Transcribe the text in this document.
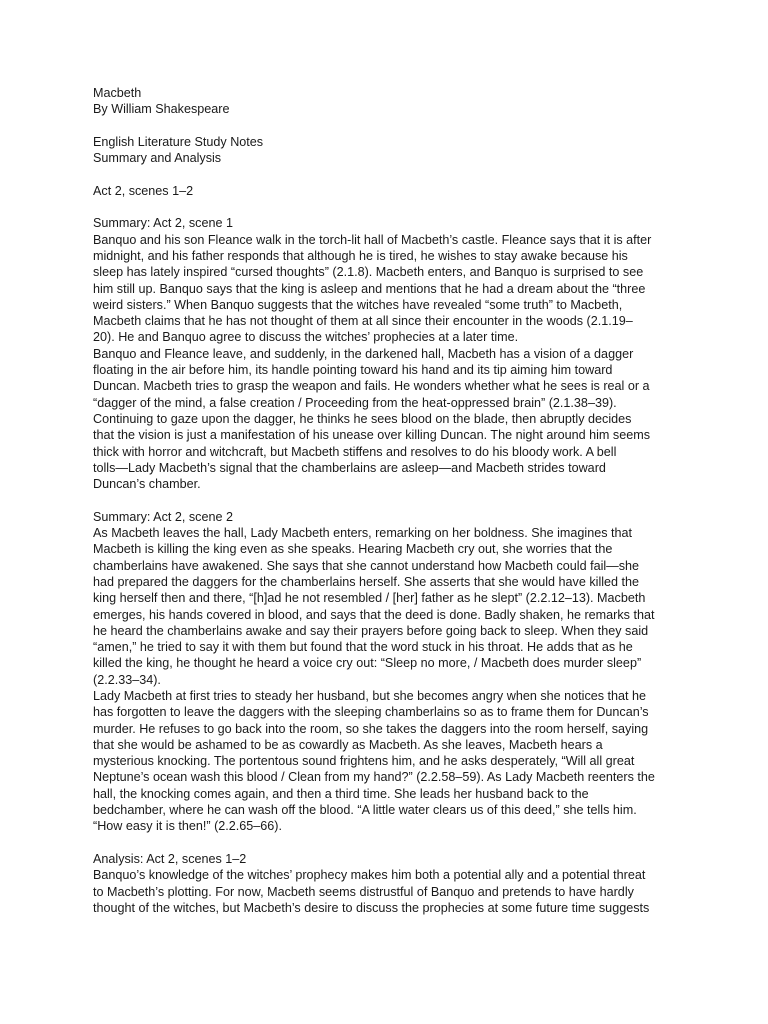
Macbeth
By William Shakespeare
English Literature Study Notes
Summary and Analysis
Act 2, scenes 1–2
Summary: Act 2, scene 1
Banquo and his son Fleance walk in the torch-lit hall of Macbeth’s castle. Fleance says that it is after
midnight, and his father responds that although he is tired, he wishes to stay awake because his
sleep has lately inspired “cursed thoughts” (2.1.8). Macbeth enters, and Banquo is surprised to see
him still up. Banquo says that the king is asleep and mentions that he had a dream about the “three
weird sisters.” When Banquo suggests that the witches have revealed “some truth” to Macbeth,
Macbeth claims that he has not thought of them at all since their encounter in the woods (2.1.19–
20). He and Banquo agree to discuss the witches’ prophecies at a later time.
Banquo and Fleance leave, and suddenly, in the darkened hall, Macbeth has a vision of a dagger
floating in the air before him, its handle pointing toward his hand and its tip aiming him toward
Duncan. Macbeth tries to grasp the weapon and fails. He wonders whether what he sees is real or a
“dagger of the mind, a false creation / Proceeding from the heat-oppressed brain” (2.1.38–39).
Continuing to gaze upon the dagger, he thinks he sees blood on the blade, then abruptly decides
that the vision is just a manifestation of his unease over killing Duncan. The night around him seems
thick with horror and witchcraft, but Macbeth stiffens and resolves to do his bloody work. A bell
tolls—Lady Macbeth’s signal that the chamberlains are asleep—and Macbeth strides toward
Duncan’s chamber.
Summary: Act 2, scene 2
As Macbeth leaves the hall, Lady Macbeth enters, remarking on her boldness. She imagines that
Macbeth is killing the king even as she speaks. Hearing Macbeth cry out, she worries that the
chamberlains have awakened. She says that she cannot understand how Macbeth could fail—she
had prepared the daggers for the chamberlains herself. She asserts that she would have killed the
king herself then and there, “[h]ad he not resembled / [her] father as he slept” (2.2.12–13). Macbeth
emerges, his hands covered in blood, and says that the deed is done. Badly shaken, he remarks that
he heard the chamberlains awake and say their prayers before going back to sleep. When they said
“amen,” he tried to say it with them but found that the word stuck in his throat. He adds that as he
killed the king, he thought he heard a voice cry out: “Sleep no more, / Macbeth does murder sleep”
(2.2.33–34).
Lady Macbeth at first tries to steady her husband, but she becomes angry when she notices that he
has forgotten to leave the daggers with the sleeping chamberlains so as to frame them for Duncan’s
murder. He refuses to go back into the room, so she takes the daggers into the room herself, saying
that she would be ashamed to be as cowardly as Macbeth. As she leaves, Macbeth hears a
mysterious knocking. The portentous sound frightens him, and he asks desperately, “Will all great
Neptune’s ocean wash this blood / Clean from my hand?” (2.2.58–59). As Lady Macbeth reenters the
hall, the knocking comes again, and then a third time. She leads her husband back to the
bedchamber, where he can wash off the blood. “A little water clears us of this deed,” she tells him.
“How easy it is then!” (2.2.65–66).
Analysis: Act 2, scenes 1–2
Banquo’s knowledge of the witches’ prophecy makes him both a potential ally and a potential threat
to Macbeth’s plotting. For now, Macbeth seems distrustful of Banquo and pretends to have hardly
thought of the witches, but Macbeth’s desire to discuss the prophecies at some future time suggests
